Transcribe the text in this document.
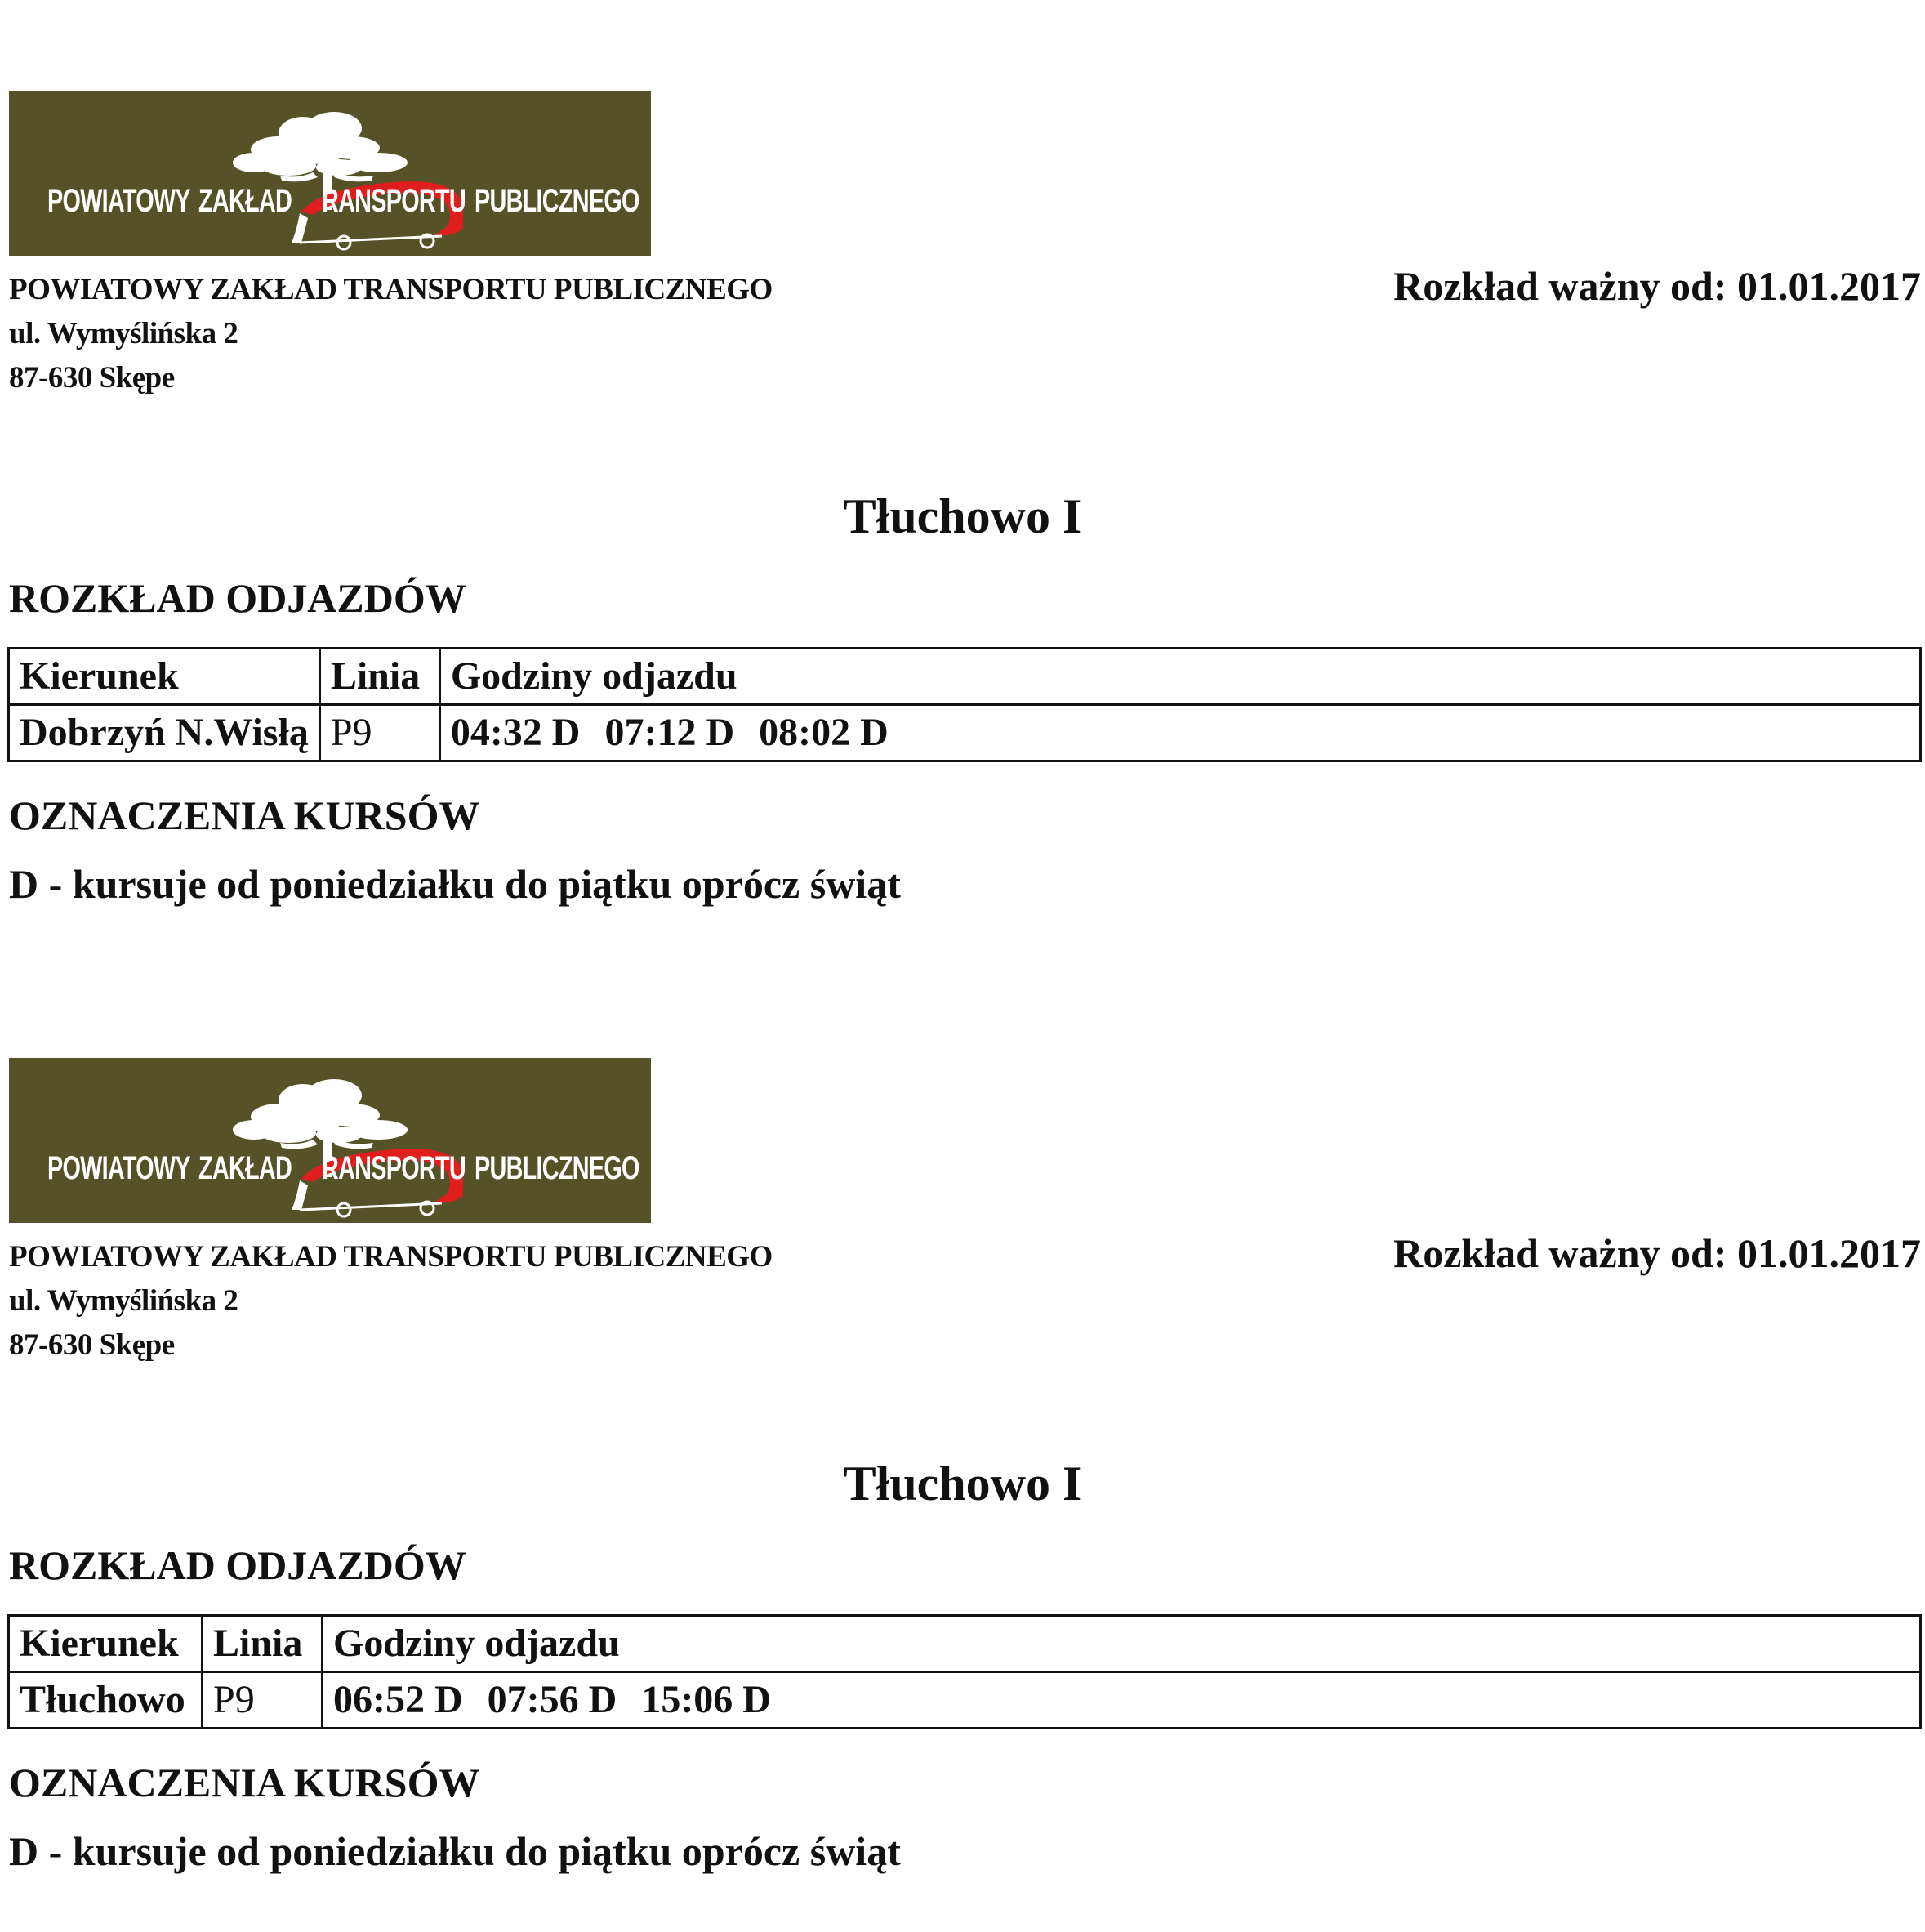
POWIATOWY ZAKŁAD RANSPORTU PUBLICZNEGO
POWIATOWY ZAKŁAD TRANSPORTU PUBLICZNEGO
ul. Wymyślińska 2
87-630 Skępe
Rozkład ważny od: 01.01.2017
Tłuchowo I
ROZKŁAD ODJAZDÓW
Kierunek	Linia	Godziny odjazdu
Dobrzyń N.Wisłą	P9	04:32 D 07:12 D 08:02 D
OZNACZENIA KURSÓW
D - kursuje od poniedziałku do piątku oprócz świąt
POWIATOWY ZAKŁAD RANSPORTU PUBLICZNEGO
POWIATOWY ZAKŁAD TRANSPORTU PUBLICZNEGO
ul. Wymyślińska 2
87-630 Skępe
Rozkład ważny od: 01.01.2017
Tłuchowo I
ROZKŁAD ODJAZDÓW
Kierunek	Linia	Godziny odjazdu
Tłuchowo	P9	06:52 D 07:56 D 15:06 D
OZNACZENIA KURSÓW
D - kursuje od poniedziałku do piątku oprócz świąt
